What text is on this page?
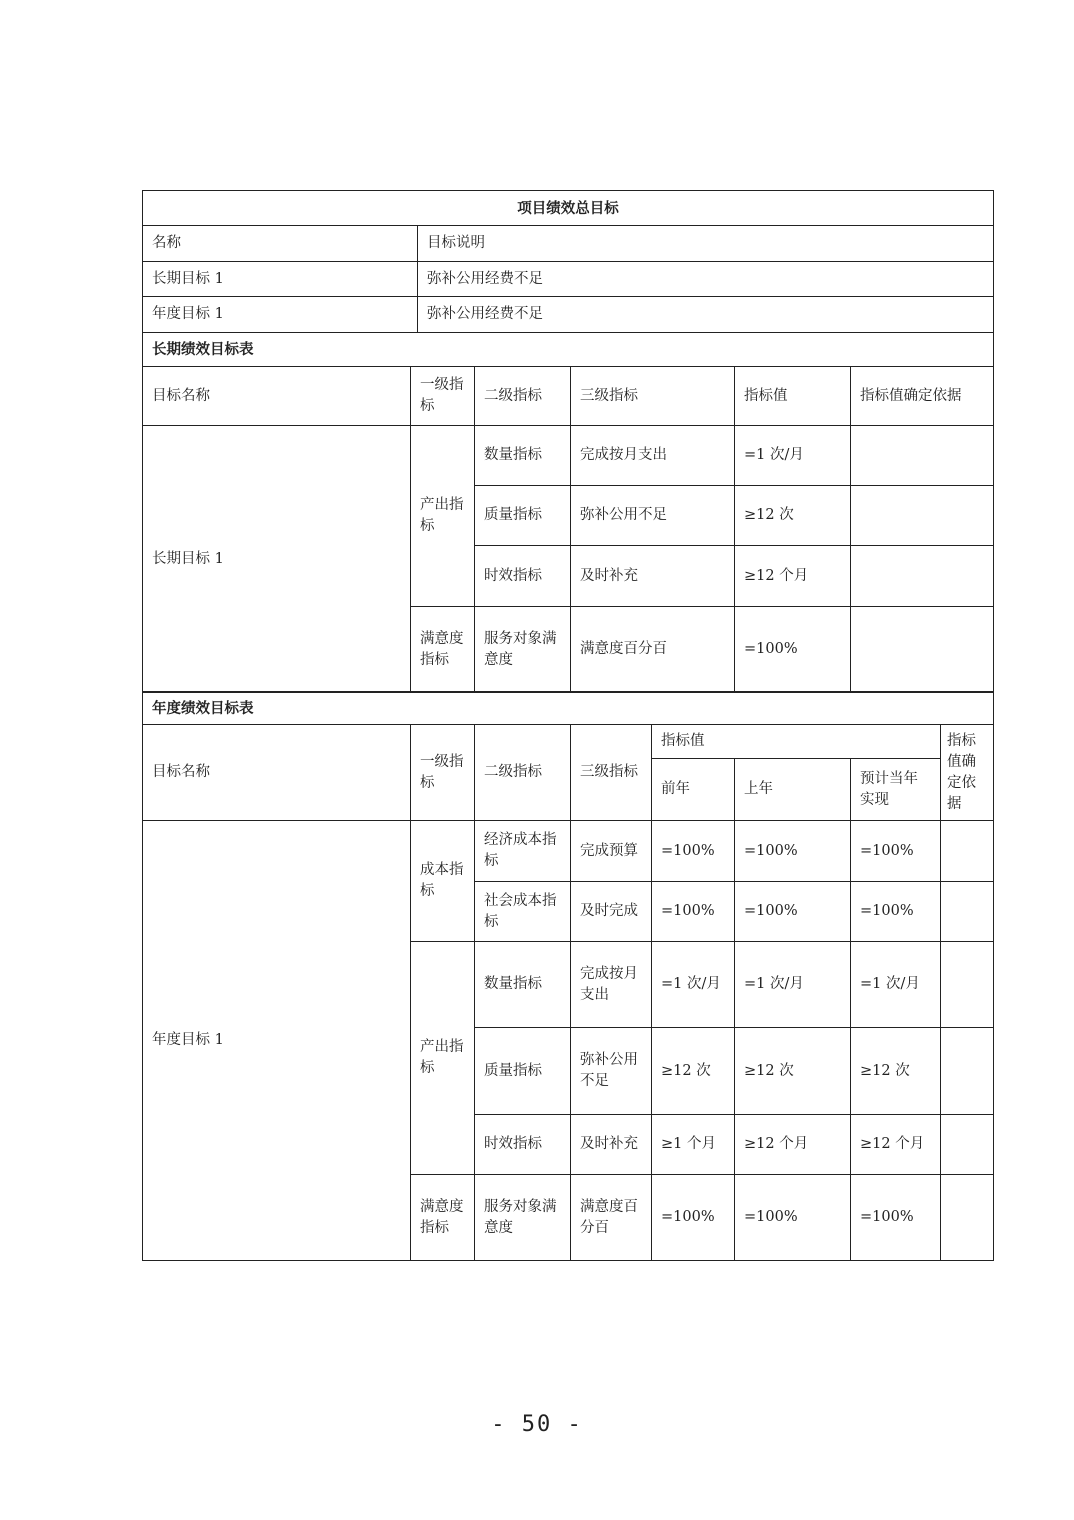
项目绩效总目标						
名称		目标说明				
长期目标 1		弥补公用经费不足				
年度目标 1		弥补公用经费不足				
长期绩效目标表						
目标名称	一级指标		二级指标	三级指标	指标值	指标值确定依据
长期目标 1	产出指标		数量指标	完成按月支出	=1 次/月	
			质量指标	弥补公用不足	≥12 次	
			时效指标	及时补充	≥12 个月	
	满意度指标		服务对象满意度	满意度百分百	=100%	
年度绩效目标表							
目标名称	一级指标	二级指标	三级指标	指标值			指标值确定依据
				前年	上年	预计当年实现	
年度目标 1	成本指标	经济成本指标	完成预算	=100%	=100%	=100%	
		社会成本指标	及时完成	=100%	=100%	=100%	
	产出指标	数量指标	完成按月支出	=1 次/月	=1 次/月	=1 次/月	
		质量指标	弥补公用不足	≥12 次	≥12 次	≥12 次	
		时效指标	及时补充	≥1 个月	≥12 个月	≥12 个月	
	满意度指标	服务对象满意度	满意度百分百	=100%	=100%	=100%	
- 50 -
